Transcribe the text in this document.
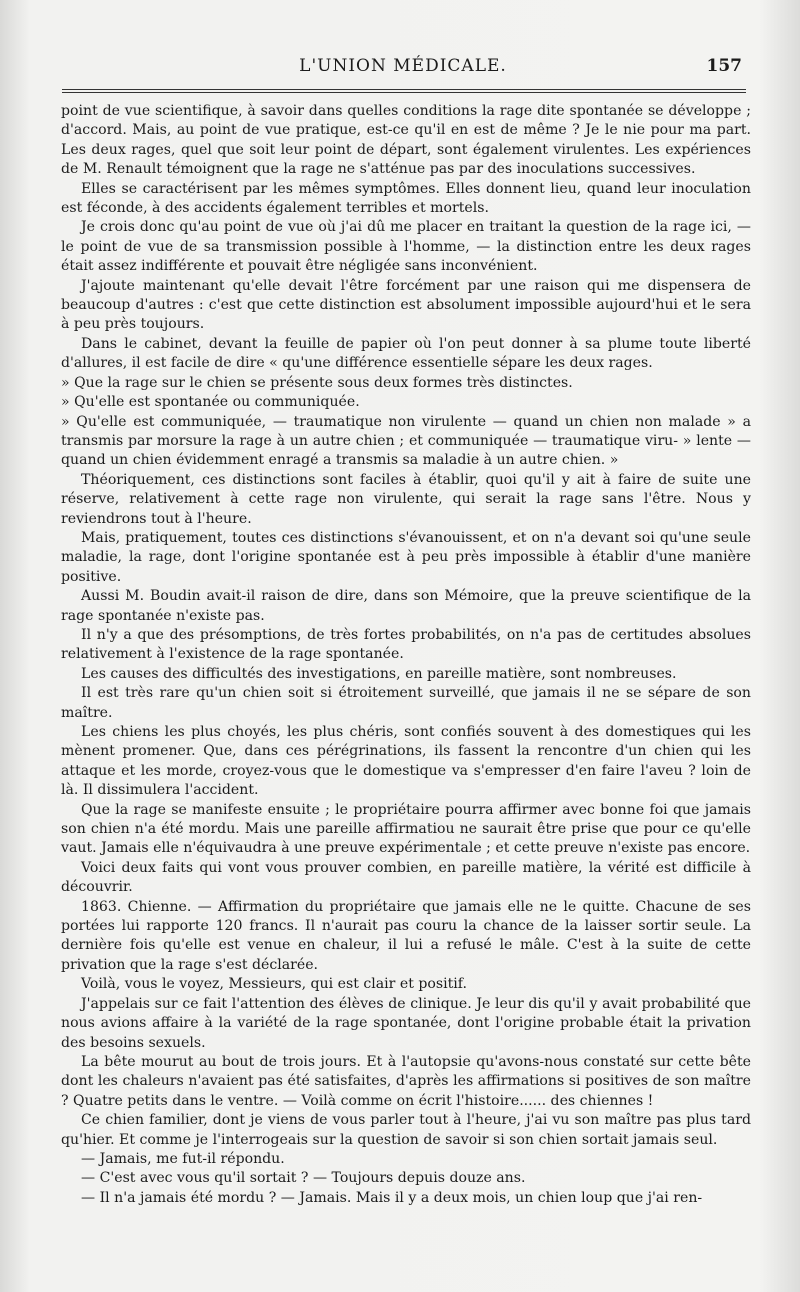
L'UNION MÉDICALE.	157

point de vue scientifique, à savoir dans quelles conditions la rage dite spontanée se développe ; d'accord. Mais, au point de vue pratique, est-ce qu'il en est de même ? Je le nie pour ma part. Les deux rages, quel que soit leur point de départ, sont également virulentes. Les expériences de M. Renault témoignent que la rage ne s'atténue pas par des inoculations successives.

Elles se caractérisent par les mêmes symptômes. Elles donnent lieu, quand leur inoculation est féconde, à des accidents également terribles et mortels.

Je crois donc qu'au point de vue où j'ai dû me placer en traitant la question de la rage ici, — le point de vue de sa transmission possible à l'homme, — la distinction entre les deux rages était assez indifférente et pouvait être négligée sans inconvénient.

J'ajoute maintenant qu'elle devait l'être forcément par une raison qui me dispensera de beaucoup d'autres : c'est que cette distinction est absolument impossible aujourd'hui et le sera à peu près toujours.

Dans le cabinet, devant la feuille de papier où l'on peut donner à sa plume toute liberté d'allures, il est facile de dire « qu'une différence essentielle sépare les deux rages.

» Que la rage sur le chien se présente sous deux formes très distinctes.

» Qu'elle est spontanée ou communiquée.

» Qu'elle est communiquée, — traumatique non virulente — quand un chien non malade » a transmis par morsure la rage à un autre chien ; et communiquée — traumatique viru- » lente — quand un chien évidemment enragé a transmis sa maladie à un autre chien. »

Théoriquement, ces distinctions sont faciles à établir, quoi qu'il y ait à faire de suite une réserve, relativement à cette rage non virulente, qui serait la rage sans l'être. Nous y reviendrons tout à l'heure.

Mais, pratiquement, toutes ces distinctions s'évanouissent, et on n'a devant soi qu'une seule maladie, la rage, dont l'origine spontanée est à peu près impossible à établir d'une manière positive.

Aussi M. Boudin avait-il raison de dire, dans son Mémoire, que la preuve scientifique de la rage spontanée n'existe pas.

Il n'y a que des présomptions, de très fortes probabilités, on n'a pas de certitudes absolues relativement à l'existence de la rage spontanée.

Les causes des difficultés des investigations, en pareille matière, sont nombreuses.

Il est très rare qu'un chien soit si étroitement surveillé, que jamais il ne se sépare de son maître.

Les chiens les plus choyés, les plus chéris, sont confiés souvent à des domestiques qui les mènent promener. Que, dans ces pérégrinations, ils fassent la rencontre d'un chien qui les attaque et les morde, croyez-vous que le domestique va s'empresser d'en faire l'aveu ? loin de là. Il dissimulera l'accident.

Que la rage se manifeste ensuite ; le propriétaire pourra affirmer avec bonne foi que jamais son chien n'a été mordu. Mais une pareille affirmatiou ne saurait être prise que pour ce qu'elle vaut. Jamais elle n'équivaudra à une preuve expérimentale ; et cette preuve n'existe pas encore.

Voici deux faits qui vont vous prouver combien, en pareille matière, la vérité est difficile à découvrir.

1863. Chienne. — Affirmation du propriétaire que jamais elle ne le quitte. Chacune de ses portées lui rapporte 120 francs. Il n'aurait pas couru la chance de la laisser sortir seule. La dernière fois qu'elle est venue en chaleur, il lui a refusé le mâle. C'est à la suite de cette privation que la rage s'est déclarée.

Voilà, vous le voyez, Messieurs, qui est clair et positif.

J'appelais sur ce fait l'attention des élèves de clinique. Je leur dis qu'il y avait probabilité que nous avions affaire à la variété de la rage spontanée, dont l'origine probable était la privation des besoins sexuels.

La bête mourut au bout de trois jours. Et à l'autopsie qu'avons-nous constaté sur cette bête dont les chaleurs n'avaient pas été satisfaites, d'après les affirmations si positives de son maître ? Quatre petits dans le ventre. — Voilà comme on écrit l'histoire...... des chiennes !

Ce chien familier, dont je viens de vous parler tout à l'heure, j'ai vu son maître pas plus tard qu'hier. Et comme je l'interrogeais sur la question de savoir si son chien sortait jamais seul.

— Jamais, me fut-il répondu.

— C'est avec vous qu'il sortait ? — Toujours depuis douze ans.

— Il n'a jamais été mordu ? — Jamais. Mais il y a deux mois, un chien loup que j'ai ren-
